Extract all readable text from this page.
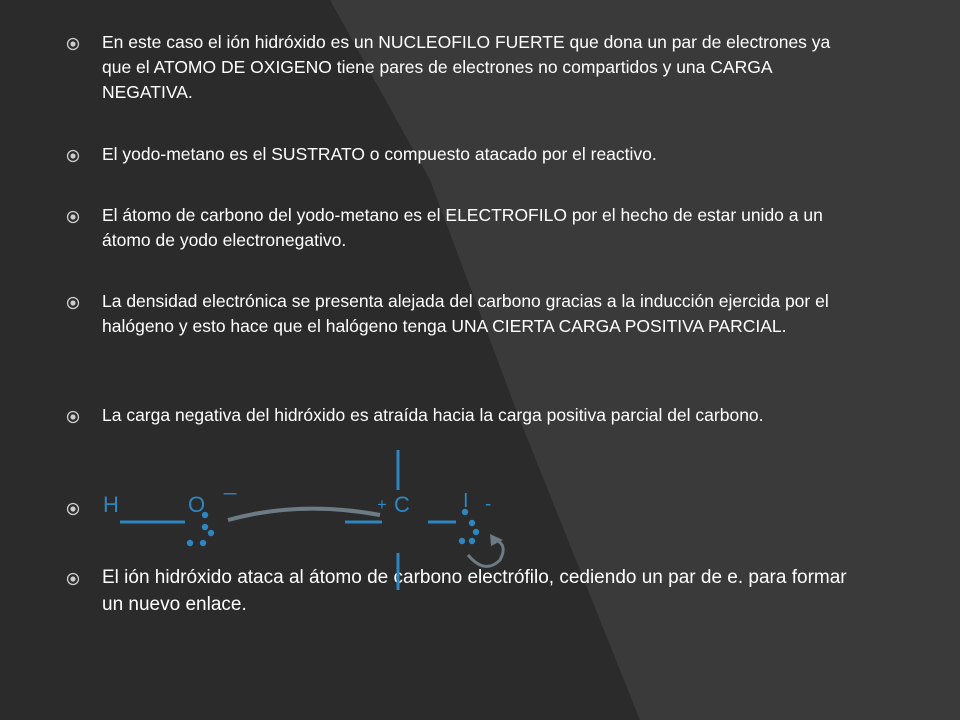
En este caso el ión hidróxido es un NUCLEOFILO FUERTE que dona un par de electrones ya que el ATOMO DE OXIGENO tiene pares de electrones no compartidos y una CARGA NEGATIVA.
El yodo-metano es el SUSTRATO o compuesto atacado por el reactivo.
El átomo de carbono del yodo-metano es el ELECTROFILO por el hecho de estar unido a un átomo de yodo electronegativo.
La densidad electrónica se presenta alejada del carbono gracias a la inducción ejercida por el halógeno y esto hace que el halógeno tenga UNA CIERTA CARGA POSITIVA PARCIAL.
La carga negativa del hidróxido es atraída hacia la carga positiva parcial del carbono.
El ión hidróxido ataca al átomo de carbono electrófilo, cediendo un par de e. para formar un nuevo enlace.
H	O
_
+ C	I -
